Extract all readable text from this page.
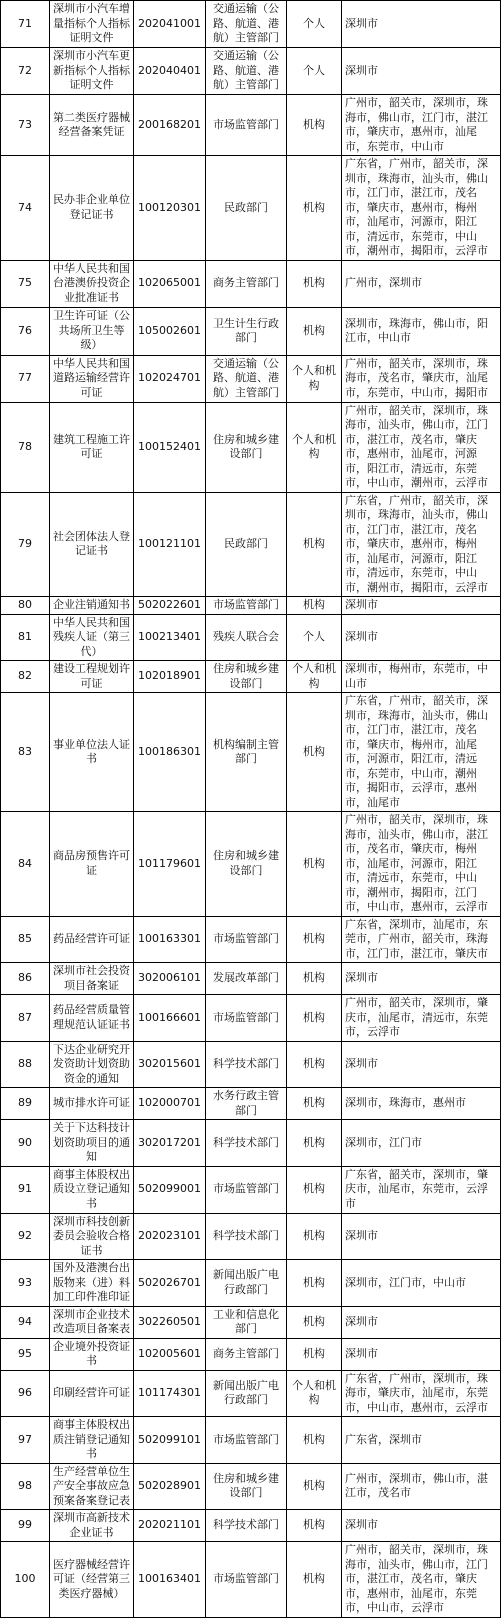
71	深圳市小汽车增量指标个人指标证明文件	202041001	交通运输（公路、航道、港航）主管部门	个人	深圳市
72	深圳市小汽车更新指标个人指标证明文件	202040401	交通运输（公路、航道、港航）主管部门	个人	深圳市
73	第二类医疗器械经营备案凭证	200168201	市场监管部门	机构	广州市，韶关市，深圳市，珠海市，佛山市，江门市，湛江市，肇庆市，惠州市，汕尾市，东莞市，中山市
74	民办非企业单位登记证书	100120301	民政部门	机构	广东省，广州市，韶关市，深圳市，珠海市，汕头市，佛山市，江门市，湛江市，茂名市，肇庆市，惠州市，梅州市，汕尾市，河源市，阳江市，清远市，东莞市，中山市，潮州市，揭阳市，云浮市
75	中华人民共和国台港澳侨投资企业批准证书	102065001	商务主管部门	机构	广州市，深圳市
76	卫生许可证（公共场所卫生等级）	105002601	卫生计生行政部门	机构	深圳市，珠海市，佛山市，阳江市，中山市
77	中华人民共和国道路运输经营许可证	102024701	交通运输（公路、航道、港航）主管部门	个人和机构	广州市，韶关市，深圳市，珠海市，茂名市，肇庆市，汕尾市，东莞市，中山市，揭阳市
78	建筑工程施工许可证	100152401	住房和城乡建设部门	个人和机构	广州市，韶关市，深圳市，珠海市，汕头市，佛山市，江门市，湛江市，茂名市，肇庆市，惠州市，汕尾市，河源市，阳江市，清远市，东莞市，中山市，潮州市，云浮市
79	社会团体法人登记证书	100121101	民政部门	机构	广东省，广州市，韶关市，深圳市，珠海市，汕头市，佛山市，江门市，湛江市，茂名市，肇庆市，惠州市，梅州市，汕尾市，河源市，阳江市，清远市，东莞市，中山市，潮州市，揭阳市，云浮市
80	企业注销通知书	502022601	市场监管部门	机构	深圳市
81	中华人民共和国残疾人证（第三代）	100213401	残疾人联合会	个人	深圳市
82	建设工程规划许可证	102018901	住房和城乡建设部门	个人和机构	深圳市，梅州市，东莞市，中山市
83	事业单位法人证书	100186301	机构编制主管部门	机构	广东省，广州市，韶关市，深圳市，珠海市，汕头市，佛山市，江门市，湛江市，茂名市，肇庆市，梅州市，汕尾市，河源市，阳江市，清远市，东莞市，中山市，潮州市，揭阳市，云浮市，惠州市，汕尾市
84	商品房预售许可证	101179601	住房和城乡建设部门	机构	广州市，韶关市，深圳市，珠海市，汕头市，佛山市，湛江市，茂名市，肇庆市，梅州市，汕尾市，河源市，阳江市，清远市，东莞市，中山市，潮州市，揭阳市，江门市，中山市，惠州市，云浮市
85	药品经营许可证	100163301	市场监管部门	机构	广东省，深圳市，汕尾市，东莞市，广州市，韶关市，珠海市，江门市，湛江市，肇庆市
86	深圳市社会投资项目备案证	302006101	发展改革部门	机构	深圳市
87	药品经营质量管理规范认证证书	100166601	市场监管部门	机构	广州市，韶关市，深圳市，肇庆市，汕尾市，清远市，东莞市，云浮市
88	下达企业研究开发资助计划资助资金的通知	302015601	科学技术部门	机构	深圳市
89	城市排水许可证	102000701	水务行政主管部门	机构	深圳市，珠海市，惠州市
90	关于下达科技计划资助项目的通知	302017201	科学技术部门	机构	深圳市，江门市
91	商事主体股权出质设立登记通知书	502099001	市场监管部门	机构	广东省，韶关市，深圳市，肇庆市，汕尾市，东莞市，云浮市
92	深圳市科技创新委员会验收合格证书	202023101	科学技术部门	机构	深圳市
93	国外及港澳台出版物来（进）料加工印件准印证	502026701	新闻出版广电行政部门	机构	深圳市，江门市，中山市
94	深圳市企业技术改造项目备案表	302260501	工业和信息化部门	机构	深圳市
95	企业境外投资证书	102005601	商务主管部门	机构	深圳市
96	印刷经营许可证	101174301	新闻出版广电行政部门	个人和机构	广东省，广州市，深圳市，珠海市，肇庆市，汕尾市，东莞市，中山市，惠州市，云浮市
97	商事主体股权出质注销登记通知书	502099101	市场监管部门	机构	广东省，深圳市
98	生产经营单位生产安全事故应急预案备案登记表	502028901	住房和城乡建设部门	机构	广州市，深圳市，佛山市，湛江市，茂名市
99	深圳市高新技术企业证书	202021101	科学技术部门	机构	深圳市
100	医疗器械经营许可证（经营第三类医疗器械）	100163401	市场监管部门	机构	广州市，韶关市，深圳市，珠海市，汕头市，佛山市，江门市，湛江市，茂名市，肇庆市，惠州市，汕尾市，东莞市，中山市，云浮市
